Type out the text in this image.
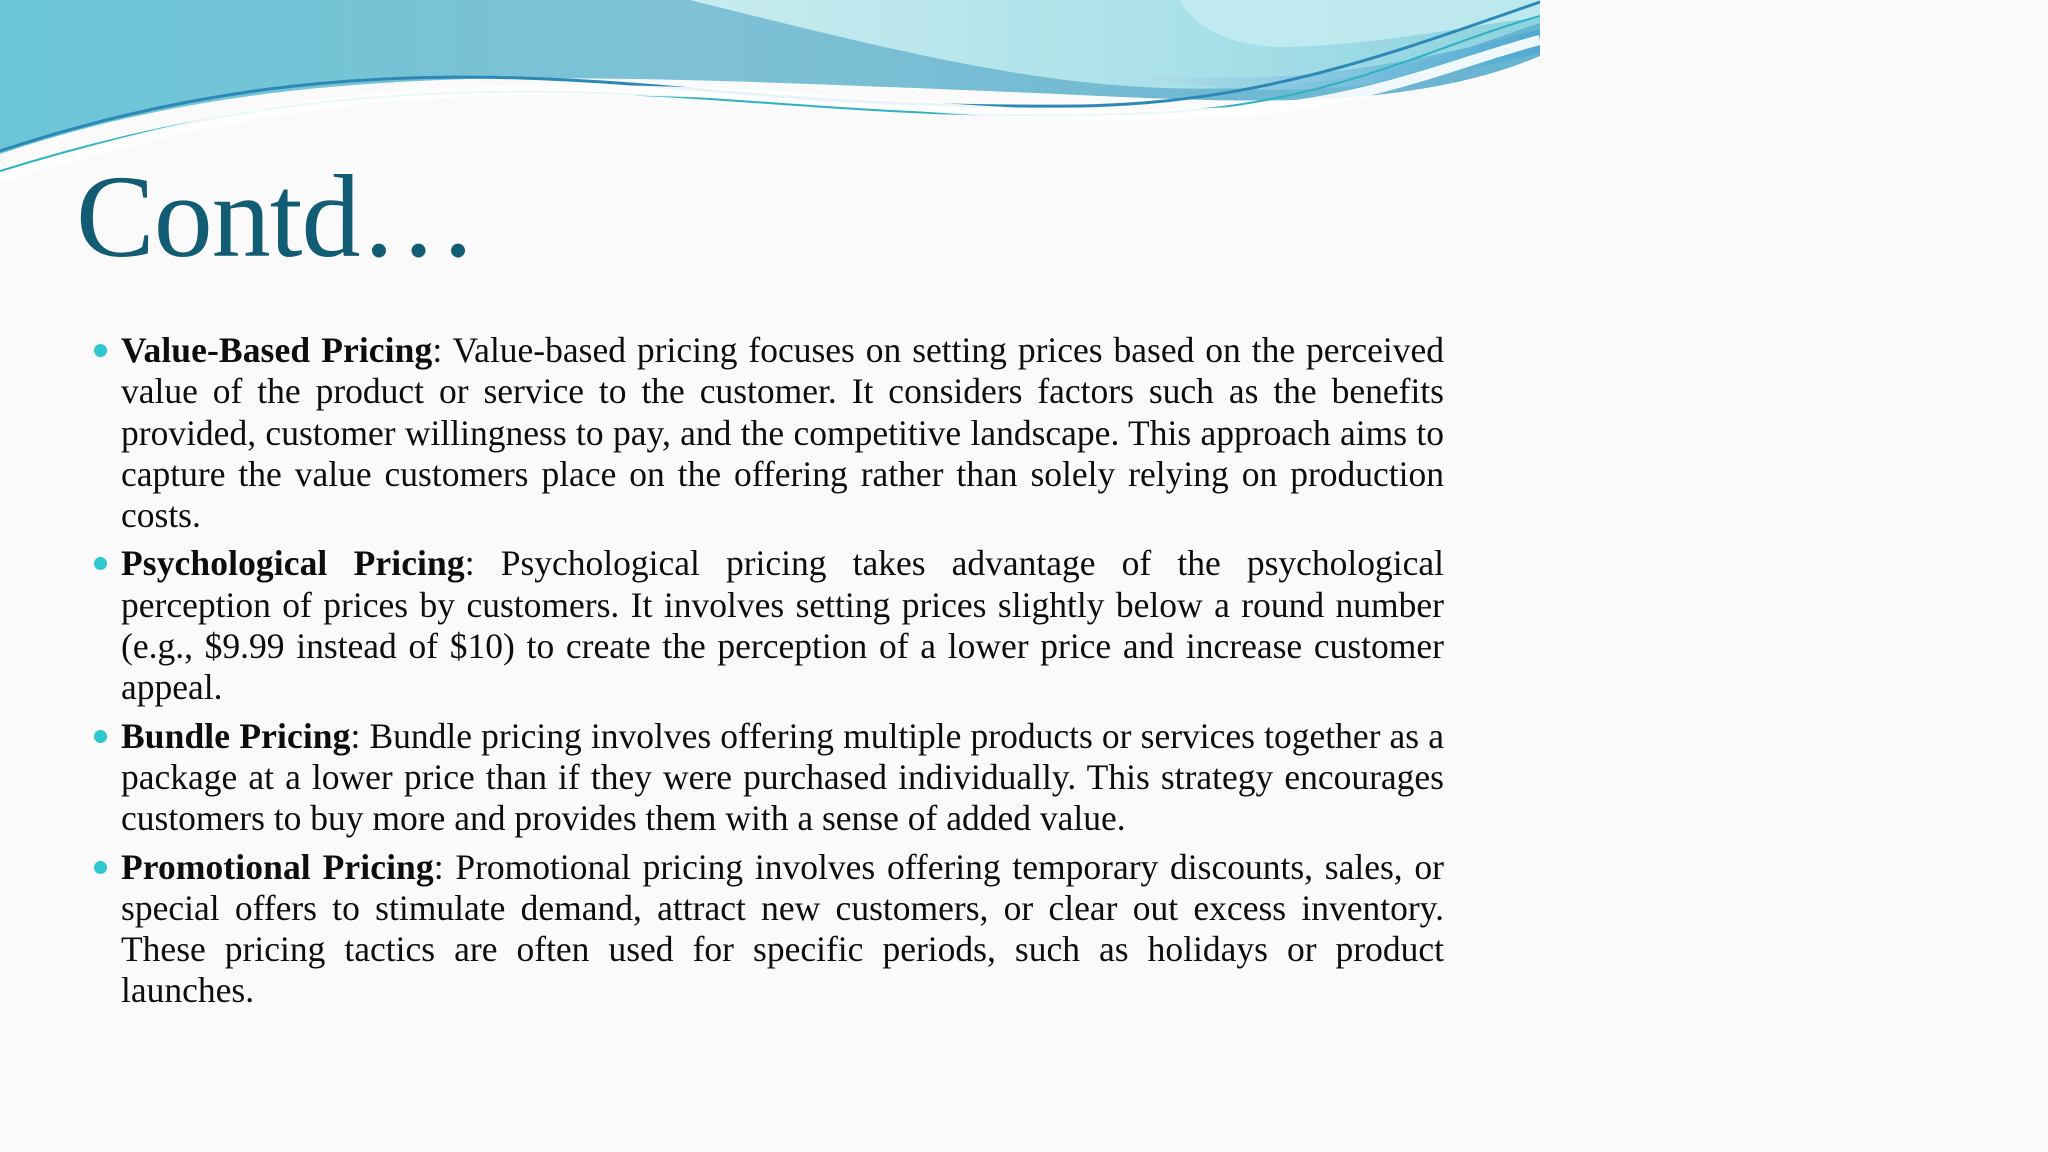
Contd…
Value-Based Pricing: Value-based pricing focuses on setting prices based on the perceived value of the product or service to the customer. It considers factors such as the benefits provided, customer willingness to pay, and the competitive landscape. This approach aims to capture the value customers place on the offering rather than solely relying on production costs.
Psychological Pricing: Psychological pricing takes advantage of the psychological perception of prices by customers. It involves setting prices slightly below a round number (e.g., $9.99 instead of $10) to create the perception of a lower price and increase customer appeal.
Bundle Pricing: Bundle pricing involves offering multiple products or services together as a package at a lower price than if they were purchased individually. This strategy encourages customers to buy more and provides them with a sense of added value.
Promotional Pricing: Promotional pricing involves offering temporary discounts, sales, or special offers to stimulate demand, attract new customers, or clear out excess inventory. These pricing tactics are often used for specific periods, such as holidays or product launches.
